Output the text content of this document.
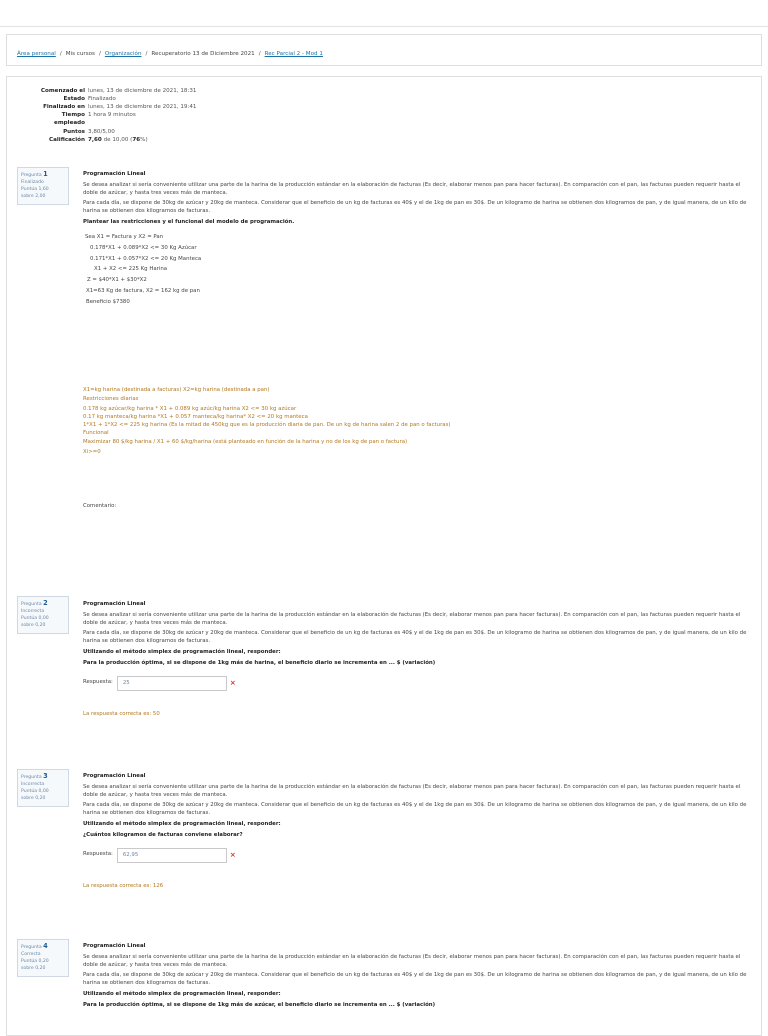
Área personal / Mis cursos / Organización / Recuperatorio 13 de Diciembre 2021 / Rec Parcial 2 - Mod 1
Comenzado el	lunes, 13 de diciembre de 2021, 18:31
Estado	Finalizado
Finalizado en	lunes, 13 de diciembre de 2021, 19:41
Tiempo empleado	1 hora 9 minutos
Puntos	3,80/5,00
Calificación	7,60 de 10,00 (76%)
Pregunta 1
Finalizado
Puntúa 1,60
sobre 2,00

Programación Lineal

Se desea analizar si sería conveniente utilizar una parte de la harina de la producción estándar en la elaboración de facturas (Es decir, elaborar menos pan para hacer facturas). En comparación con el pan, las facturas pueden requerir hasta el doble de azúcar, y hasta tres veces más de manteca.

Para cada día, se dispone de 30kg de azúcar y 20kg de manteca. Considerar que el beneficio de un kg de facturas es 40$ y el de 1kg de pan es 30$. De un kilogramo de harina se obtienen dos kilogramos de pan, y de igual manera, de un kilo de harina se obtienen dos kilogramos de facturas.

Plantear las restricciones y el funcional del modelo de programación.

Sea X1 = Factura y X2 = Pan
0.178*X1 + 0.089*X2 <= 30 Kg Azúcar
0.171*X1 + 0.057*X2 <= 20 Kg Manteca
X1 + X2 <= 225 Kg Harina
Z = $40*X1 + $30*X2
X1=63 Kg de factura, X2 = 162 kg de pan
Beneficio $7380
X1=kg harina (destinada a facturas) X2=kg harina (destinada a pan)
Restricciones diarias
0.178 kg azúcar/kg harina * X1 + 0.089 kg azúc/kg harina X2 <= 30 kg azúcar
0.17 kg manteca/kg harina *X1 + 0.057 manteca/kg harina* X2 <= 20 kg manteca
1*X1 + 1*X2 <= 225 kg harina (Es la mitad de 450kg que es la producción diaria de pan. De un kg de harina salen 2 de pan o facturas)
Funcional
Maximizar 80 $/kg harina / X1 + 60 $/kg/harina (está planteado en función de la harina y no de los kg de pan o factura)
Xi>=0
Comentario:
Pregunta 2
Incorrecta
Puntúa 0,00
sobre 0,20

Programación Lineal

Se desea analizar si sería conveniente utilizar una parte de la harina de la producción estándar en la elaboración de facturas (Es decir, elaborar menos pan para hacer facturas). En comparación con el pan, las facturas pueden requerir hasta el doble de azúcar, y hasta tres veces más de manteca.

Para cada día, se dispone de 30kg de azúcar y 20kg de manteca. Considerar que el beneficio de un kg de facturas es 40$ y el de 1kg de pan es 30$. De un kilogramo de harina se obtienen dos kilogramos de pan, y de igual manera, de un kilo de harina se obtienen dos kilogramos de facturas.

Utilizando el método simplex de programación lineal, responder:

Para la producción óptima, si se dispone de 1kg más de harina, el beneficio diario se incrementa en ... $ (variación)

Respuesta:	25	×

La respuesta correcta es: 50

Pregunta 3
Incorrecta
Puntúa 0,00
sobre 0,20

Programación Lineal

Se desea analizar si sería conveniente utilizar una parte de la harina de la producción estándar en la elaboración de facturas (Es decir, elaborar menos pan para hacer facturas). En comparación con el pan, las facturas pueden requerir hasta el doble de azúcar, y hasta tres veces más de manteca.

Para cada día, se dispone de 30kg de azúcar y 20kg de manteca. Considerar que el beneficio de un kg de facturas es 40$ y el de 1kg de pan es 30$. De un kilogramo de harina se obtienen dos kilogramos de pan, y de igual manera, de un kilo de harina se obtienen dos kilogramos de facturas.

Utilizando el método simplex de programación lineal, responder:

¿Cuántos kilogramos de facturas conviene elaborar?

Respuesta:	62,95	×

La respuesta correcta es: 126

Pregunta 4
Correcta
Puntúa 0,20
sobre 0,20

Programación Lineal

Se desea analizar si sería conveniente utilizar una parte de la harina de la producción estándar en la elaboración de facturas (Es decir, elaborar menos pan para hacer facturas). En comparación con el pan, las facturas pueden requerir hasta el doble de azúcar, y hasta tres veces más de manteca.

Para cada día, se dispone de 30kg de azúcar y 20kg de manteca. Considerar que el beneficio de un kg de facturas es 40$ y el de 1kg de pan es 30$. De un kilogramo de harina se obtienen dos kilogramos de pan, y de igual manera, de un kilo de harina se obtienen dos kilogramos de facturas.

Utilizando el método simplex de programación lineal, responder:

Para la producción óptima, si se dispone de 1kg más de azúcar, el beneficio diario se incrementa en ... $ (variación)
